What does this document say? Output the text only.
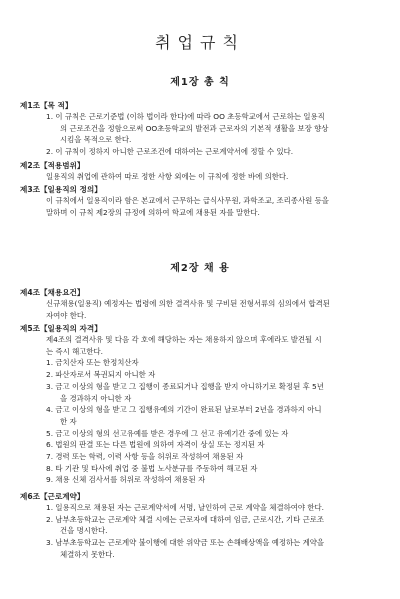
취업규칙
제1장 총 칙
제1조【목 적】
1. 이 규칙은 근로기준법 (이하 법이라 한다)에 따라 OO 초등학교에서 근로하는 일용직
의 근로조건을 정함으로써 OO초등학교의 발전과 근로자의 기본적 생활을 보장 향상
시킴을 목적으로 한다.
2. 이 규칙이 정하지 아니한 근로조건에 대하여는 근로계약서에 정할 수 있다.
제2조【적용범위】
일용직의 취업에 관하여 따로 정한 사항 외에는 이 규칙에 정한 바에 의한다.
제3조【일용직의 정의】
이 규칙에서 일용직이라 함은 본교에서 근무하는 급식사무원, 과학조교, 조리종사원 등을
말하며 이 규칙 제2장의 규정에 의하여 학교에 채용된 자를 말한다.
제2장 채 용
제4조【채용요건】
신규채용(일용직) 예정자는 법령에 의한 결격사유 및 구비된 전형서류의 심의에서 합격된
자여야 한다.
제5조【일용직의 자격】
제4조의 결격사유 및 다음 각 호에 해당하는 자는 채용하지 않으며 후에라도 발견될 시
는 즉시 해고한다.
1. 금치산자 또는 한정치산자
2. 파산자로서 복권되지 아니한 자
3. 금고 이상의 형을 받고 그 집행이 종료되거나 집행을 받지 아니하기로 확정된 후 5년
을 경과하지 아니한 자
4. 금고 이상의 형을 받고 그 집행유예의 기간이 완료된 날로부터 2년을 경과하지 아니
한 자
5. 금고 이상의 형의 선고유예를 받은 경우에 그 선고 유예기간 중에 있는 자
6. 법원의 판결 또는 다른 법원에 의하여 자격이 상실 또는 정지된 자
7. 경력 또는 학력, 이력 사항 등을 허위로 작성하여 채용된 자
8. 타 기관 및 타사에 취업 중 불법 노사분규를 주동하여 해고된 자
9. 채용 신체 검사서를 허위로 작성하여 채용된 자
제6조【근로계약】
1. 일용직으로 채용된 자는 근로계약서에 서명, 날인하여 근로 계약을 체결하여야 한다.
2. 남부초등학교는 근로계약 체결 시에는 근로자에 대하여 임금, 근로시간, 기타 근로조
건을 명시한다.
3. 남부초등학교는 근로계약 불이행에 대한 위약금 또는 손해배상액을 예정하는 계약을
체결하지 못한다.
